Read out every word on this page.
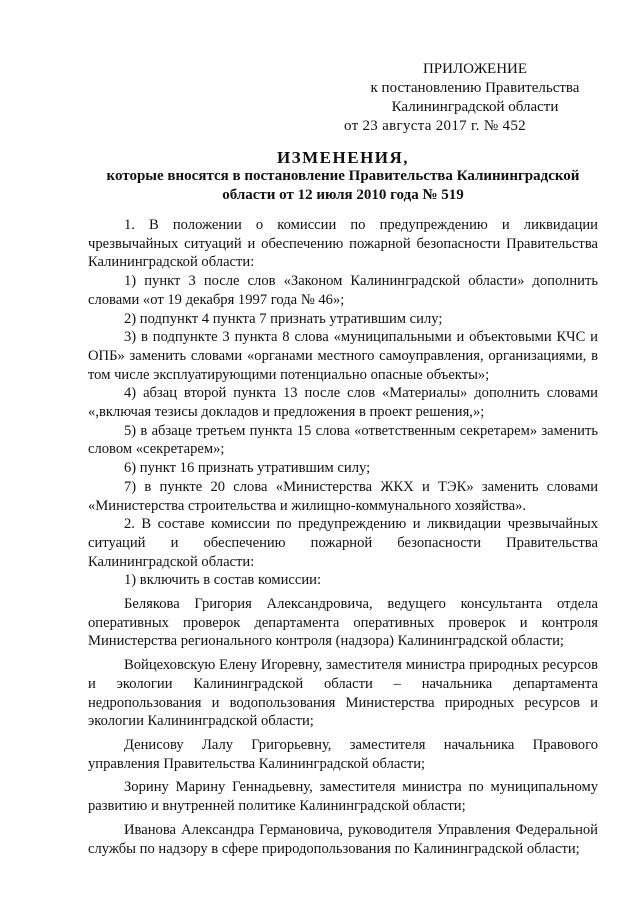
ПРИЛОЖЕНИЕ
к постановлению Правительства
Калининградской области
от 23 августа 2017 г. № 452
ИЗМЕНЕНИЯ,
которые вносятся в постановление Правительства Калининградской
области от 12 июля 2010 года № 519

1. В положении о комиссии по предупреждению и ликвидации чрезвычайных ситуаций и обеспечению пожарной безопасности Правительства Калининградской области:

1) пункт 3 после слов «Законом Калининградской области» дополнить словами «от 19 декабря 1997 года № 46»;

2) подпункт 4 пункта 7 признать утратившим силу;

3) в подпункте 3 пункта 8 слова «муниципальными и объектовыми КЧС и ОПБ» заменить словами «органами местного самоуправления, организациями, в том числе эксплуатирующими потенциально опасные объекты»;

4) абзац второй пункта 13 после слов «Материалы» дополнить словами «,включая тезисы докладов и предложения в проект решения,»;

5) в абзаце третьем пункта 15 слова «ответственным секретарем» заменить словом «секретарем»;

6) пункт 16 признать утратившим силу;

7) в пункте 20 слова «Министерства ЖКХ и ТЭК» заменить словами «Министерства строительства и жилищно-коммунального хозяйства».

2. В составе комиссии по предупреждению и ликвидации чрезвычайных ситуаций и обеспечению пожарной безопасности Правительства Калининградской области:

1) включить в состав комиссии:

Белякова Григория Александровича, ведущего консультанта отдела оперативных проверок департамента оперативных проверок и контроля Министерства регионального контроля (надзора) Калининградской области;

Войцеховскую Елену Игоревну, заместителя министра природных ресурсов и экологии Калининградской области – начальника департамента недропользования и водопользования Министерства природных ресурсов и экологии Калининградской области;

Денисову Лалу Григорьевну, заместителя начальника Правового управления Правительства Калининградской области;

Зорину Марину Геннадьевну, заместителя министра по муниципальному развитию и внутренней политике Калининградской области;

Иванова Александра Германовича, руководителя Управления Федеральной службы по надзору в сфере природопользования по Калининградской области;
